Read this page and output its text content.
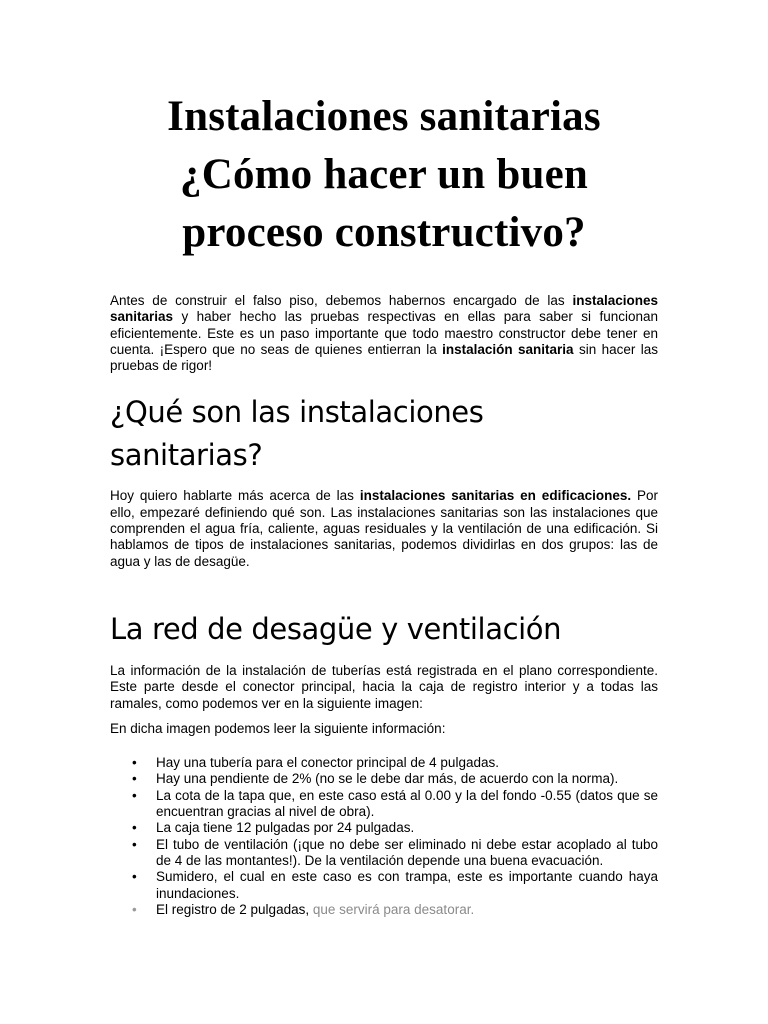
Instalaciones sanitarias
¿Cómo hacer un buen
proceso constructivo?

Antes de construir el falso piso, debemos habernos encargado de las instalaciones sanitarias y haber hecho las pruebas respectivas en ellas para saber si funcionan eficientemente. Este es un paso importante que todo maestro constructor debe tener en cuenta. ¡Espero que no seas de quienes entierran la instalación sanitaria sin hacer las pruebas de rigor!

¿Qué son las instalaciones
sanitarias?

Hoy quiero hablarte más acerca de las instalaciones sanitarias en edificaciones. Por ello, empezaré definiendo qué son. Las instalaciones sanitarias son las instalaciones que comprenden el agua fría, caliente, aguas residuales y la ventilación de una edificación. Si hablamos de tipos de instalaciones sanitarias, podemos dividirlas en dos grupos: las de agua y las de desagüe.

La red de desagüe y ventilación

La información de la instalación de tuberías está registrada en el plano correspondiente. Este parte desde el conector principal, hacia la caja de registro interior y a todas las ramales, como podemos ver en la siguiente imagen:

En dicha imagen podemos leer la siguiente información:

•	Hay una tubería para el conector principal de 4 pulgadas.
•	Hay una pendiente de 2% (no se le debe dar más, de acuerdo con la norma).
•	La cota de la tapa que, en este caso está al 0.00 y la del fondo -0.55 (datos que se encuentran gracias al nivel de obra).
•	La caja tiene 12 pulgadas por 24 pulgadas.
•	El tubo de ventilación (¡que no debe ser eliminado ni debe estar acoplado al tubo de 4 de las montantes!). De la ventilación depende una buena evacuación.
•	Sumidero, el cual en este caso es con trampa, este es importante cuando haya inundaciones.
•	El registro de 2 pulgadas, que servirá para desatorar.
